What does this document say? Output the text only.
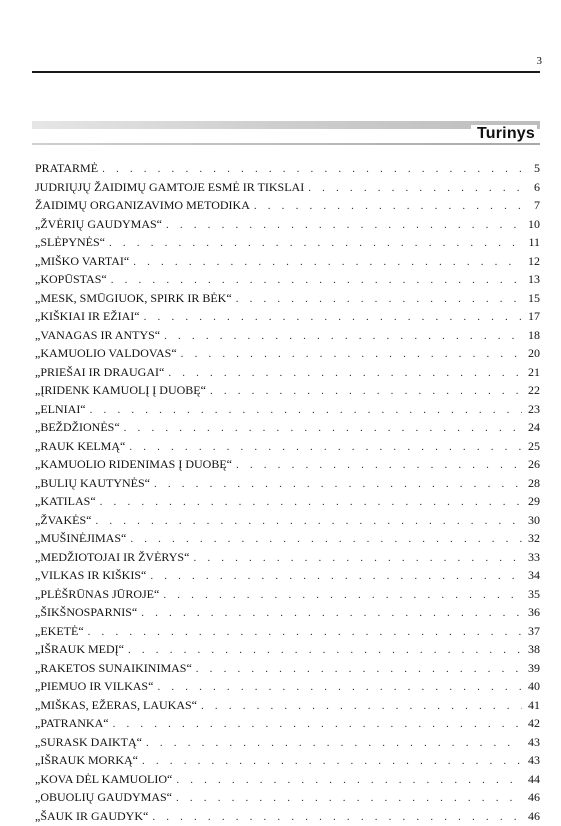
3
Turinys
PRATARMĖ . . .	5
JUDRIŲJŲ ŽAIDIMŲ GAMTOJE ESMĖ IR TIKSLAI . . .	6
ŽAIDIMŲ ORGANIZAVIMO METODIKA . . .	7
„ŽVĖRIŲ GAUDYMAS“ . . .	10
„SLĖPYNĖS“ . . .	11
„MIŠKO VARTAI“ . . .	12
„KOPŪSTAS“ . . .	13
„MESK, SMŪGIUOK, SPIRK IR BĖK“ . . .	15
„KIŠKIAI IR EŽIAI“ . . .	17
„VANAGAS IR ANTYS“ . . .	18
„KAMUOLIO VALDOVAS“ . . .	20
„PRIEŠAI IR DRAUGAI“ . . .	21
„ĮRIDENK KAMUOLĮ Į DUOBĘ“ . . .	22
„ELNIAI“ . . .	23
„BEŽDŽIONĖS“ . . .	24
„RAUK KELMĄ“ . . .	25
„KAMUOLIO RIDENIMAS Į DUOBĘ“ . . .	26
„BULIŲ KAUTYNĖS“ . . .	28
„KATILAS“ . . .	29
„ŽVAKĖS“ . . .	30
„MUŠINĖJIMAS“ . . .	32
„MEDŽIOTOJAI IR ŽVĖRYS“ . . .	33
„VILKAS IR KIŠKIS“ . . .	34
„PLĖŠRŪNAS JŪROJE“ . . .	35
„ŠIKŠNOSPARNIS“ . . .	36
„EKETĖ“ . . .	37
„IŠRAUK MEDĮ“ . . .	38
„RAKETOS SUNAIKINIMAS“ . . .	39
„PIEMUO IR VILKAS“ . . .	40
„MIŠKAS, EŽERAS, LAUKAS“ . . .	41
„PATRANKA“ . . .	42
„SURASK DAIKTĄ“ . . .	43
„IŠRAUK MORKĄ“ . . .	43
„KOVA DĖL KAMUOLIO“ . . .	44
„OBUOLIŲ GAUDYMAS“ . . .	46
„ŠAUK IR GAUDYK“ . . .	46
